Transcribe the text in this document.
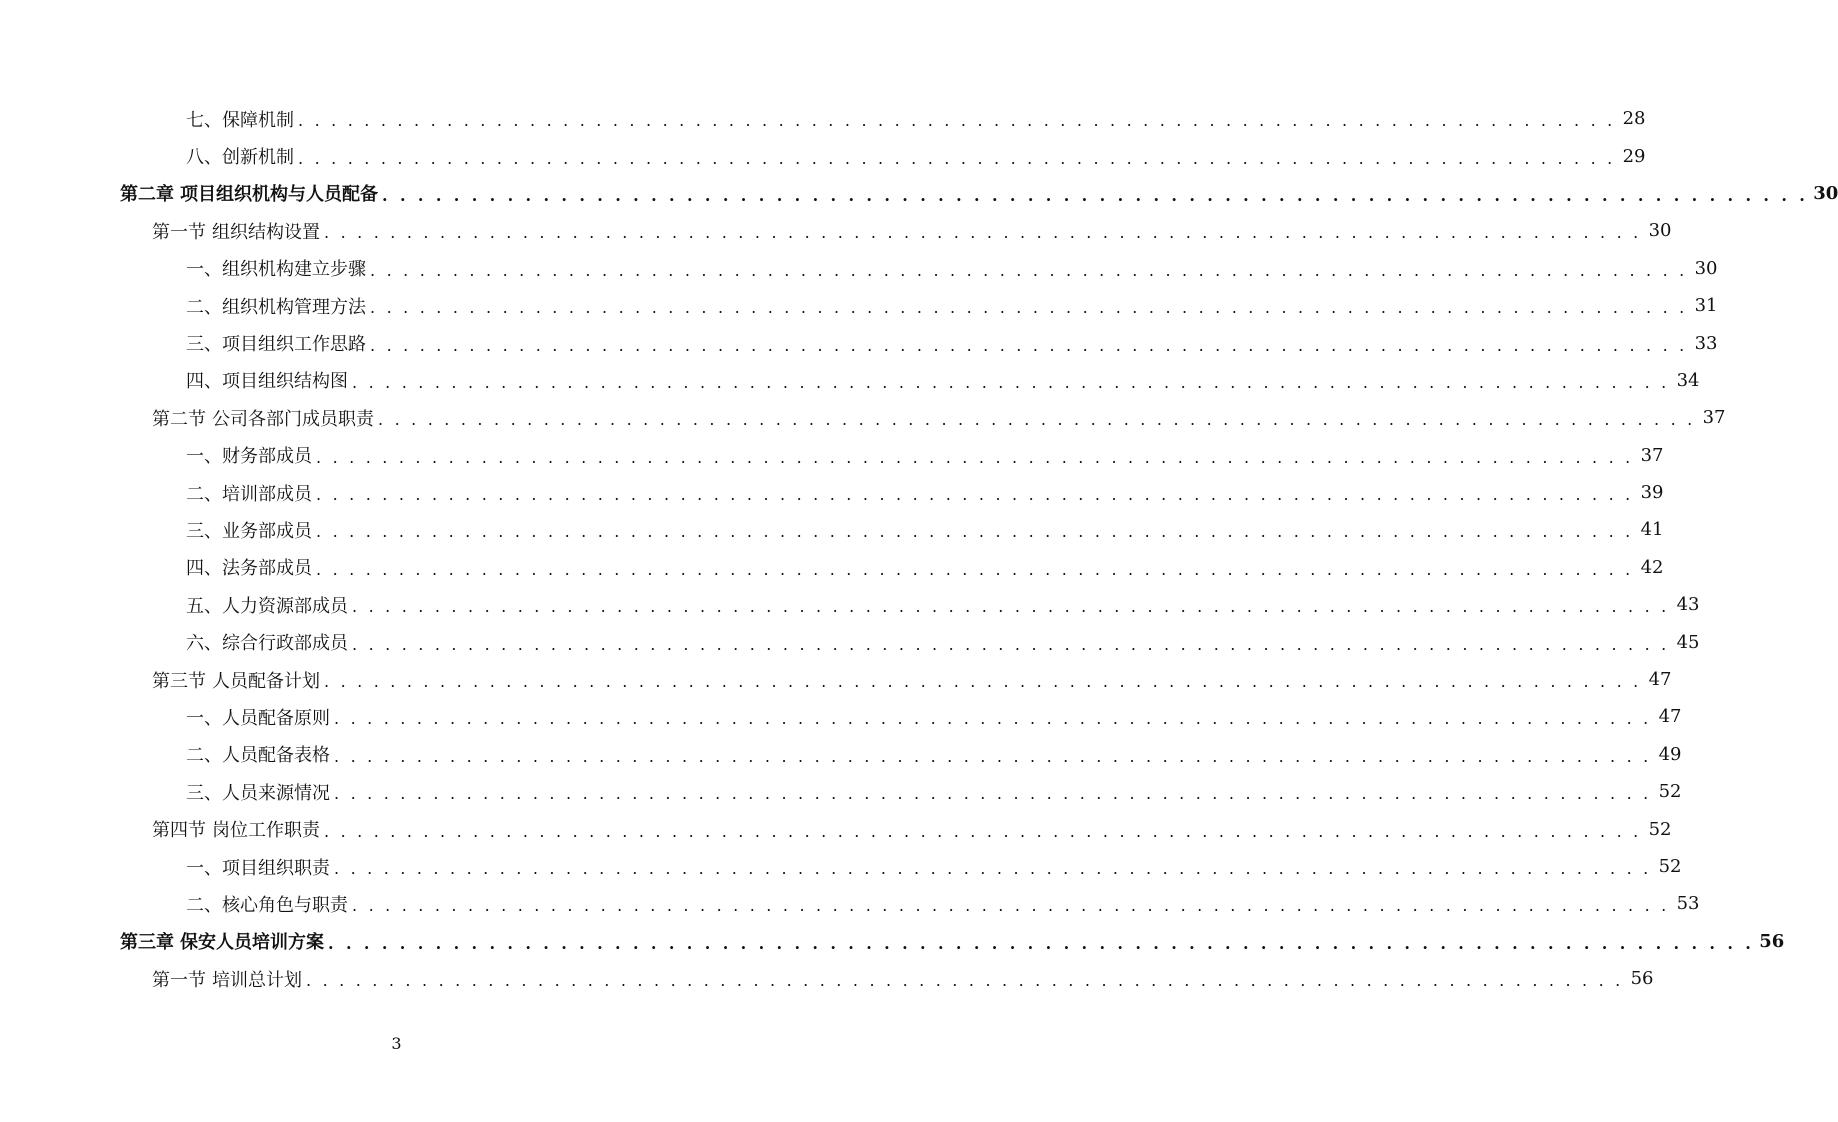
七、保障机制 . . . . . . . . . . . . . . . . . . . . . . . . . . . . . . . . . . . . . . . . . . . . . . . . . . . . . . . . . . . . . . . . . . . . . . . . . . . . . . . . 28
八、创新机制 . . . . . . . . . . . . . . . . . . . . . . . . . . . . . . . . . . . . . . . . . . . . . . . . . . . . . . . . . . . . . . . . . . . . . . . . . . . . . . . . 29
第二章 项目组织机构与人员配备 . . . . . . . . . . . . . . . . . . . . . . . . . . . . . . . . . . . . . . . . . . . . . . . . . . . . . . . . . . . . . . . . . . . . . . . . . . . . . . . . 30
第一节 组织结构设置 . . . . . . . . . . . . . . . . . . . . . . . . . . . . . . . . . . . . . . . . . . . . . . . . . . . . . . . . . . . . . . . . . . . . . . . . . . . . . . . . 30
一、组织机构建立步骤 . . . . . . . . . . . . . . . . . . . . . . . . . . . . . . . . . . . . . . . . . . . . . . . . . . . . . . . . . . . . . . . . . . . . . . . . . . . . . . . . 30
二、组织机构管理方法 . . . . . . . . . . . . . . . . . . . . . . . . . . . . . . . . . . . . . . . . . . . . . . . . . . . . . . . . . . . . . . . . . . . . . . . . . . . . . . . . 31
三、项目组织工作思路 . . . . . . . . . . . . . . . . . . . . . . . . . . . . . . . . . . . . . . . . . . . . . . . . . . . . . . . . . . . . . . . . . . . . . . . . . . . . . . . . 33
四、项目组织结构图 . . . . . . . . . . . . . . . . . . . . . . . . . . . . . . . . . . . . . . . . . . . . . . . . . . . . . . . . . . . . . . . . . . . . . . . . . . . . . . . . 34
第二节 公司各部门成员职责 . . . . . . . . . . . . . . . . . . . . . . . . . . . . . . . . . . . . . . . . . . . . . . . . . . . . . . . . . . . . . . . . . . . . . . . . . . . . . . . . 37
一、财务部成员 . . . . . . . . . . . . . . . . . . . . . . . . . . . . . . . . . . . . . . . . . . . . . . . . . . . . . . . . . . . . . . . . . . . . . . . . . . . . . . . . 37
二、培训部成员 . . . . . . . . . . . . . . . . . . . . . . . . . . . . . . . . . . . . . . . . . . . . . . . . . . . . . . . . . . . . . . . . . . . . . . . . . . . . . . . . 39
三、业务部成员 . . . . . . . . . . . . . . . . . . . . . . . . . . . . . . . . . . . . . . . . . . . . . . . . . . . . . . . . . . . . . . . . . . . . . . . . . . . . . . . . 41
四、法务部成员 . . . . . . . . . . . . . . . . . . . . . . . . . . . . . . . . . . . . . . . . . . . . . . . . . . . . . . . . . . . . . . . . . . . . . . . . . . . . . . . . 42
五、人力资源部成员 . . . . . . . . . . . . . . . . . . . . . . . . . . . . . . . . . . . . . . . . . . . . . . . . . . . . . . . . . . . . . . . . . . . . . . . . . . . . . . . . 43
六、综合行政部成员 . . . . . . . . . . . . . . . . . . . . . . . . . . . . . . . . . . . . . . . . . . . . . . . . . . . . . . . . . . . . . . . . . . . . . . . . . . . . . . . . 45
第三节 人员配备计划 . . . . . . . . . . . . . . . . . . . . . . . . . . . . . . . . . . . . . . . . . . . . . . . . . . . . . . . . . . . . . . . . . . . . . . . . . . . . . . . . 47
一、人员配备原则 . . . . . . . . . . . . . . . . . . . . . . . . . . . . . . . . . . . . . . . . . . . . . . . . . . . . . . . . . . . . . . . . . . . . . . . . . . . . . . . . 47
二、人员配备表格 . . . . . . . . . . . . . . . . . . . . . . . . . . . . . . . . . . . . . . . . . . . . . . . . . . . . . . . . . . . . . . . . . . . . . . . . . . . . . . . . 49
三、人员来源情况 . . . . . . . . . . . . . . . . . . . . . . . . . . . . . . . . . . . . . . . . . . . . . . . . . . . . . . . . . . . . . . . . . . . . . . . . . . . . . . . . 52
第四节 岗位工作职责 . . . . . . . . . . . . . . . . . . . . . . . . . . . . . . . . . . . . . . . . . . . . . . . . . . . . . . . . . . . . . . . . . . . . . . . . . . . . . . . . 52
一、项目组织职责 . . . . . . . . . . . . . . . . . . . . . . . . . . . . . . . . . . . . . . . . . . . . . . . . . . . . . . . . . . . . . . . . . . . . . . . . . . . . . . . . 52
二、核心角色与职责 . . . . . . . . . . . . . . . . . . . . . . . . . . . . . . . . . . . . . . . . . . . . . . . . . . . . . . . . . . . . . . . . . . . . . . . . . . . . . . . . 53
第三章 保安人员培训方案 . . . . . . . . . . . . . . . . . . . . . . . . . . . . . . . . . . . . . . . . . . . . . . . . . . . . . . . . . . . . . . . . . . . . . . . . . . . . . . . . 56
第一节 培训总计划 . . . . . . . . . . . . . . . . . . . . . . . . . . . . . . . . . . . . . . . . . . . . . . . . . . . . . . . . . . . . . . . . . . . . . . . . . . . . . . . . 56
3
